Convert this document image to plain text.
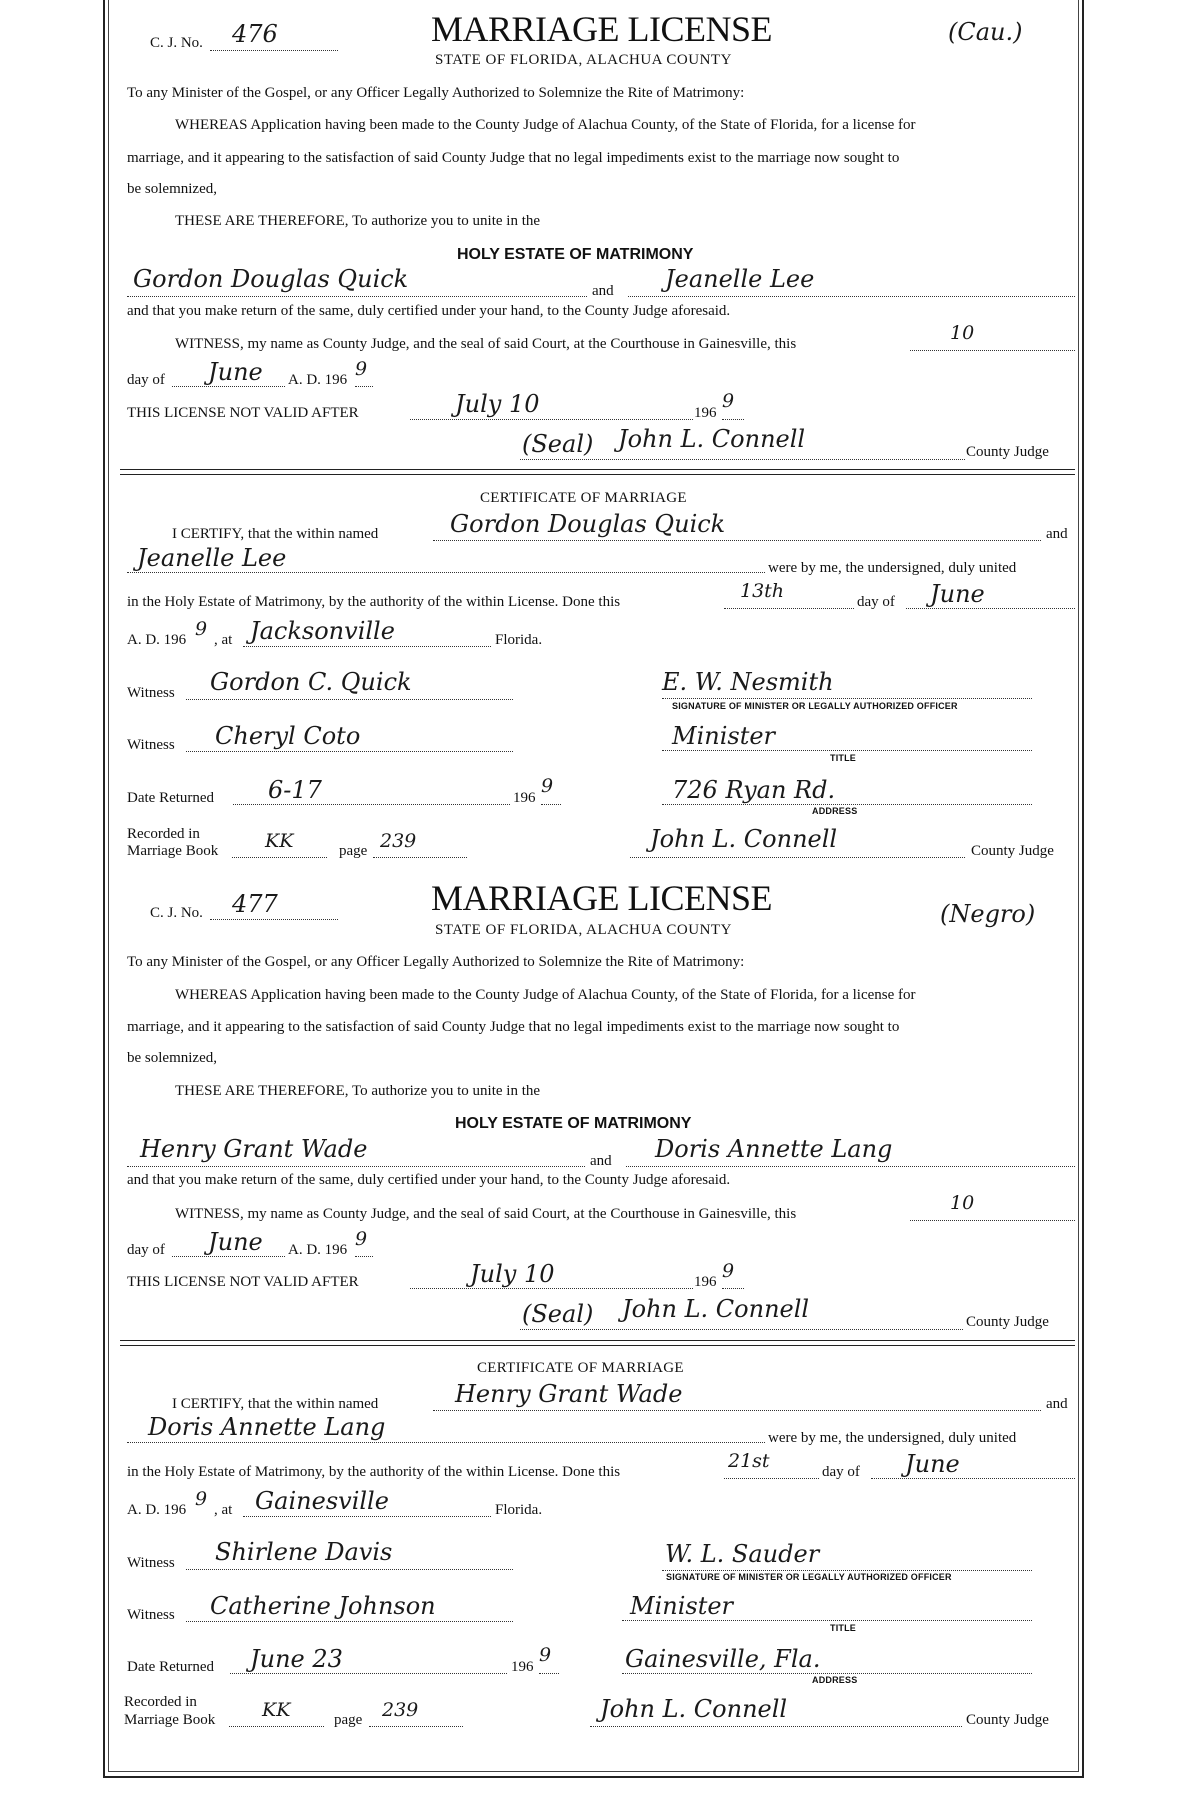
C. J. No. 476	MARRIAGE LICENSE
STATE OF FLORIDA, ALACHUA COUNTY
(Cau.)
To any Minister of the Gospel, or any Officer Legally Authorized to Solemnize the Rite of Matrimony:
WHEREAS Application having been made to the County Judge of Alachua County, of the State of Florida, for a license for
marriage, and it appearing to the satisfaction of said County Judge that no legal impediments exist to the marriage now sought to
be solemnized,
THESE ARE THEREFORE, To authorize you to unite in the
HOLY ESTATE OF MATRIMONY
Gordon Douglas Quick	and Jeanelle Lee
and that you make return of the same, duly certified under your hand, to the County Judge aforesaid.
WITNESS, my name as County Judge, and the seal of said Court, at the Courthouse in Gainesville, this	10
day of June A. D. 196 9
THIS LICENSE NOT VALID AFTER	July 10	196
9
(Seal) John L. Connell	County Judge
CERTIFICATE OF MARRIAGE
I CERTIFY, that the within named	Gordon Douglas Quick	and
Jeanelle Lee	were by me, the undersigned, duly united
in the Holy Estate of Matrimony, by the authority of the within License. Done this	13th	day of June
A. D. 196 9 , at Jacksonville	Florida.
Witness Gordon C. Quick	E. W. Nesmith
SIGNATURE OF MINISTER OR LEGALLY AUTHORIZED OFFICER
Witness Cheryl Coto	Minister
TITLE
Date Returned 6-17	196
9	726 Ryan Rd.
ADDRESS
Recorded in
Marriage Book KK	page 239	John L. Connell	County Judge
C. J. No. 477	MARRIAGE LICENSE
STATE OF FLORIDA, ALACHUA COUNTY
(Negro)
To any Minister of the Gospel, or any Officer Legally Authorized to Solemnize the Rite of Matrimony:
WHEREAS Application having been made to the County Judge of Alachua County, of the State of Florida, for a license for
marriage, and it appearing to the satisfaction of said County Judge that no legal impediments exist to the marriage now sought to
be solemnized,
THESE ARE THEREFORE, To authorize you to unite in the
HOLY ESTATE OF MATRIMONY
Henry Grant Wade	and Doris Annette Lang
and that you make return of the same, duly certified under your hand, to the County Judge aforesaid.
WITNESS, my name as County Judge, and the seal of said Court, at the Courthouse in Gainesville, this	10
day of June A. D. 196 9
THIS LICENSE NOT VALID AFTER	July 10	196 9
(Seal) John L. Connell	County Judge
CERTIFICATE OF MARRIAGE
I CERTIFY, that the within named	Henry Grant Wade	and
Doris Annette Lang	were by me, the undersigned, duly united
in the Holy Estate of Matrimony, by the authority of the within License. Done this	21st	day of June
A. D. 196 9 , at Gainesville	Florida.
Witness Shirlene Davis	W. L. Sauder
SIGNATURE OF MINISTER OR LEGALLY AUTHORIZED OFFICER
Witness Catherine Johnson	Minister
TITLE
Date Returned June 23	196
9	Gainesville, Fla.
ADDRESS
Recorded in
Marriage Book KK	page 239	John L. Connell	County Judge
